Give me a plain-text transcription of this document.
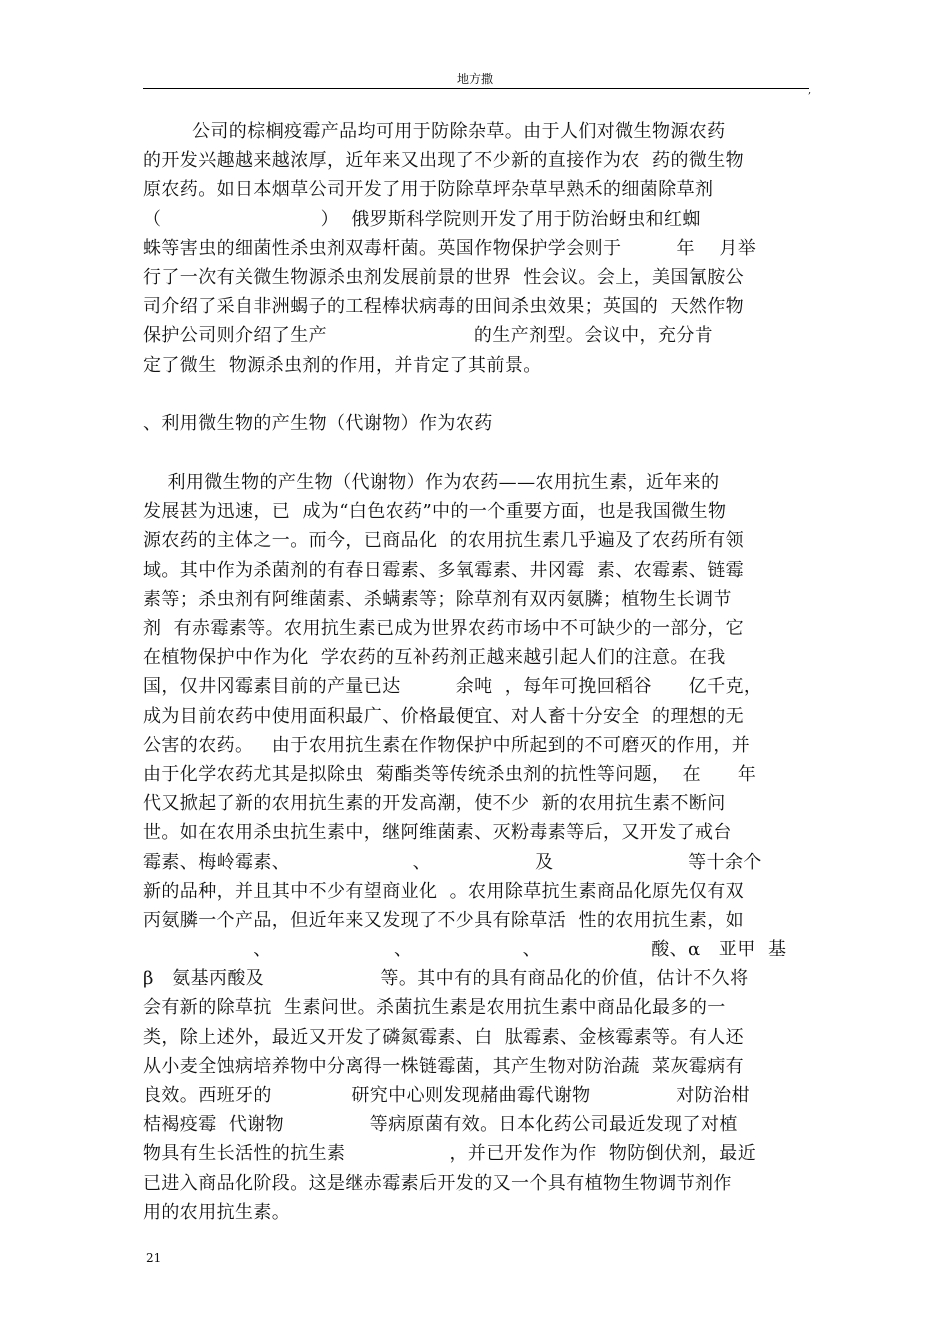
地方撒
,
公司的棕榈疫霉产品均可用于防除杂草。由于人们对微生物源农药
的开发兴趣越来越浓厚，近年来又出现了不少新的直接作为农  药的微生物
原农药。如日本烟草公司开发了用于防除草坪杂草早熟禾的细菌除草剂
（                          ）  俄罗斯科学院则开发了用于防治蚜虫和红蜘
蛛等害虫的细菌性杀虫剂双毒杆菌。英国作物保护学会则于         年    月举
行了一次有关微生物源杀虫剂发展前景的世界  性会议。会上，美国氰胺公
司介绍了采自非洲蝎子的工程棒状病毒的田间杀虫效果；英国的  天然作物
保护公司则介绍了生产                        的生产剂型。会议中，充分肯
定了微生  物源杀虫剂的作用，并肯定了其前景。
、利用微生物的产生物（代谢物）作为农药
利用微生物的产生物（代谢物）作为农药——农用抗生素，近年来的
发展甚为迅速，已  成为“白色农药”中的一个重要方面，也是我国微生物
源农药的主体之一。而今，已商品化  的农用抗生素几乎遍及了农药所有领
域。其中作为杀菌剂的有春日霉素、多氧霉素、井冈霉  素、农霉素、链霉
素等；杀虫剂有阿维菌素、杀螨素等；除草剂有双丙氨膦；植物生长调节
剂  有赤霉素等。农用抗生素已成为世界农药市场中不可缺少的一部分，它
在植物保护中作为化  学农药的互补药剂正越来越引起人们的注意。在我
国，仅井冈霉素目前的产量已达         余吨  ，每年可挽回稻谷      亿千克，
成为目前农药中使用面积最广、价格最便宜、对人畜十分安全  的理想的无
公害的农药。   由于农用抗生素在作物保护中所起到的不可磨灭的作用，并
由于化学农药尤其是拟除虫  菊酯类等传统杀虫剂的抗性等问题，  在      年
代又掀起了新的农用抗生素的开发高潮，使不少  新的农用抗生素不断问
世。如在农用杀虫抗生素中，继阿维菌素、灭粉毒素等后，又开发了戒台
霉素、梅岭霉素、                    、                 及                      等十余个
新的品种，并且其中不少有望商业化  。农用除草抗生素商品化原先仅有双
丙氨膦一个产品，但近年来又发现了不少具有除草活  性的农用抗生素，如
、                    、                  、                  酸、α   亚甲  基
β   氨基丙酸及                   等。其中有的具有商品化的价值，估计不久将
会有新的除草抗  生素问世。杀菌抗生素是农用抗生素中商品化最多的一
类，除上述外，最近又开发了磷氮霉素、白  肽霉素、金核霉素等。有人还
从小麦全蚀病培养物中分离得一株链霉菌，其产生物对防治蔬  菜灰霉病有
良效。西班牙的             研究中心则发现赭曲霉代谢物              对防治柑
桔褐疫霉  代谢物              等病原菌有效。日本化药公司最近发现了对植
物具有生长活性的抗生素                 ，并已开发作为作  物防倒伏剂，最近
已进入商品化阶段。这是继赤霉素后开发的又一个具有植物生物调节剂作
用的农用抗生素。
21
